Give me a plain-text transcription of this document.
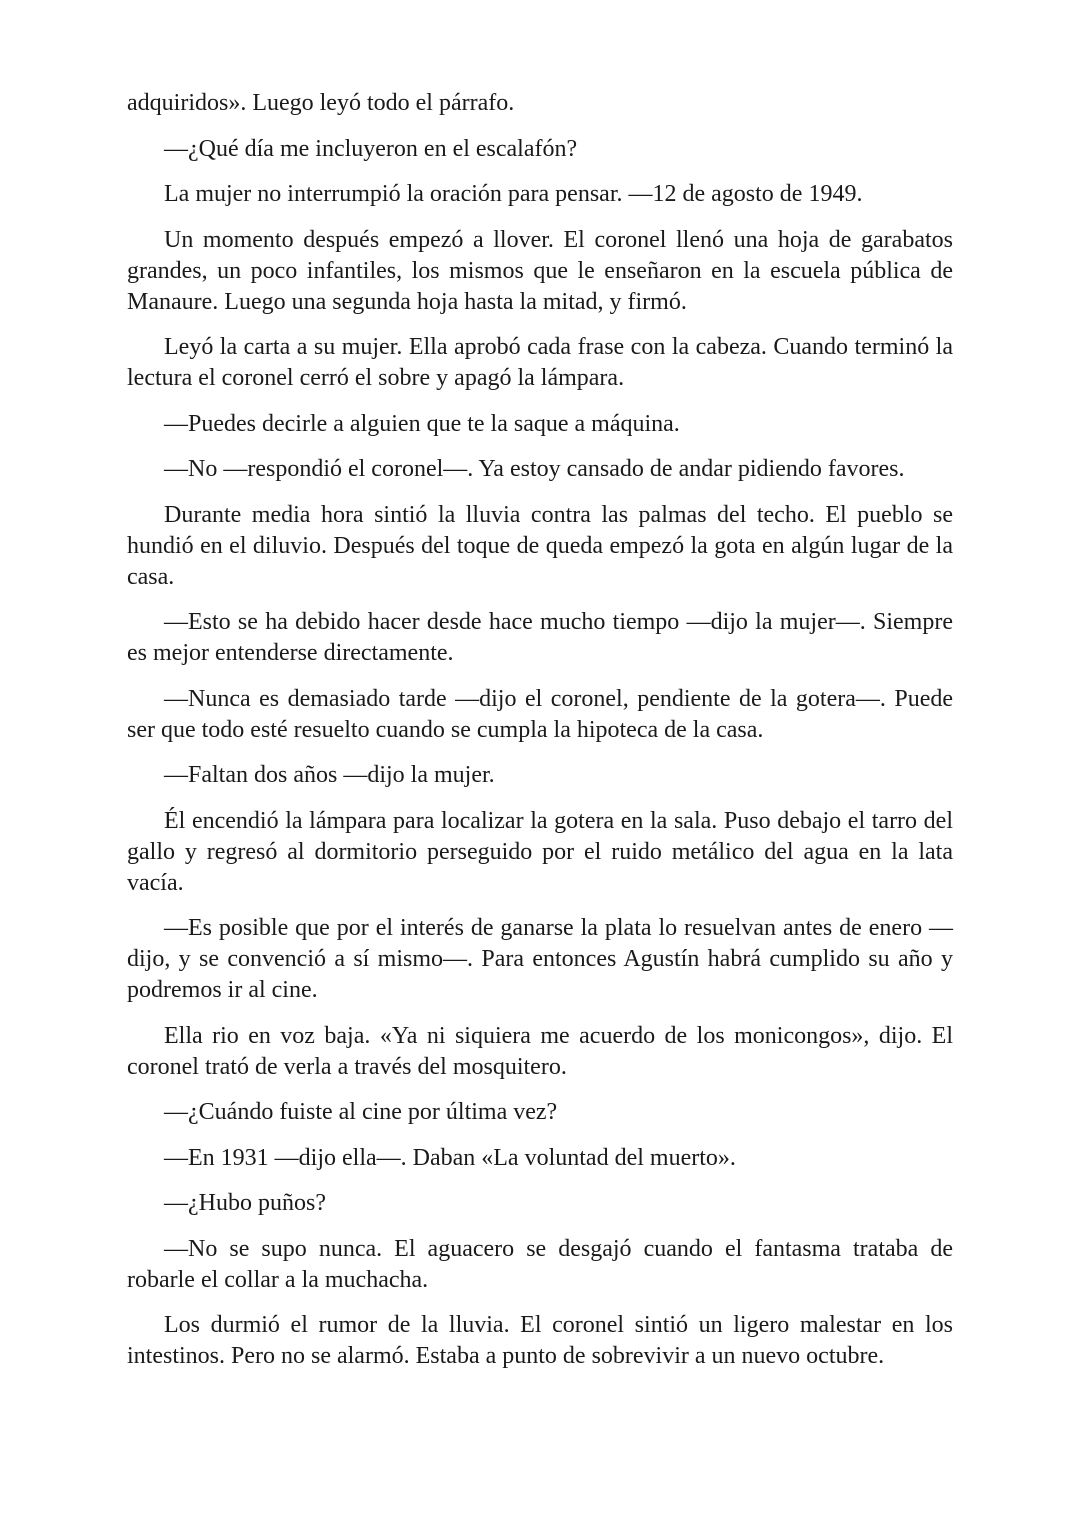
adquiridos». Luego leyó todo el párrafo.

—¿Qué día me incluyeron en el escalafón?

La mujer no interrumpió la oración para pensar. —12 de agosto de 1949.

Un momento después empezó a llover. El coronel llenó una hoja de garabatos grandes, un poco infantiles, los mismos que le enseñaron en la escuela pública de Manaure. Luego una segunda hoja hasta la mitad, y firmó.

Leyó la carta a su mujer. Ella aprobó cada frase con la cabeza. Cuando terminó la lectura el coronel cerró el sobre y apagó la lámpara.

—Puedes decirle a alguien que te la saque a máquina.

—No —respondió el coronel—. Ya estoy cansado de andar pidiendo favores.

Durante media hora sintió la lluvia contra las palmas del techo. El pueblo se hundió en el diluvio. Después del toque de queda empezó la gota en algún lugar de la casa.

—Esto se ha debido hacer desde hace mucho tiempo —dijo la mujer—. Siempre es mejor entenderse directamente.

—Nunca es demasiado tarde —dijo el coronel, pendiente de la gotera—. Puede ser que todo esté resuelto cuando se cumpla la hipoteca de la casa.

—Faltan dos años —dijo la mujer.

Él encendió la lámpara para localizar la gotera en la sala. Puso debajo el tarro del gallo y regresó al dormitorio perseguido por el ruido metálico del agua en la lata vacía.

—Es posible que por el interés de ganarse la plata lo resuelvan antes de enero —dijo, y se convenció a sí mismo—. Para entonces Agustín habrá cumplido su año y podremos ir al cine.

Ella rio en voz baja. «Ya ni siquiera me acuerdo de los monicongos», dijo. El coronel trató de verla a través del mosquitero.

—¿Cuándo fuiste al cine por última vez?

—En 1931 —dijo ella—. Daban «La voluntad del muerto».

—¿Hubo puños?

—No se supo nunca. El aguacero se desgajó cuando el fantasma trataba de robarle el collar a la muchacha.

Los durmió el rumor de la lluvia. El coronel sintió un ligero malestar en los intestinos. Pero no se alarmó. Estaba a punto de sobrevivir a un nuevo octubre.
